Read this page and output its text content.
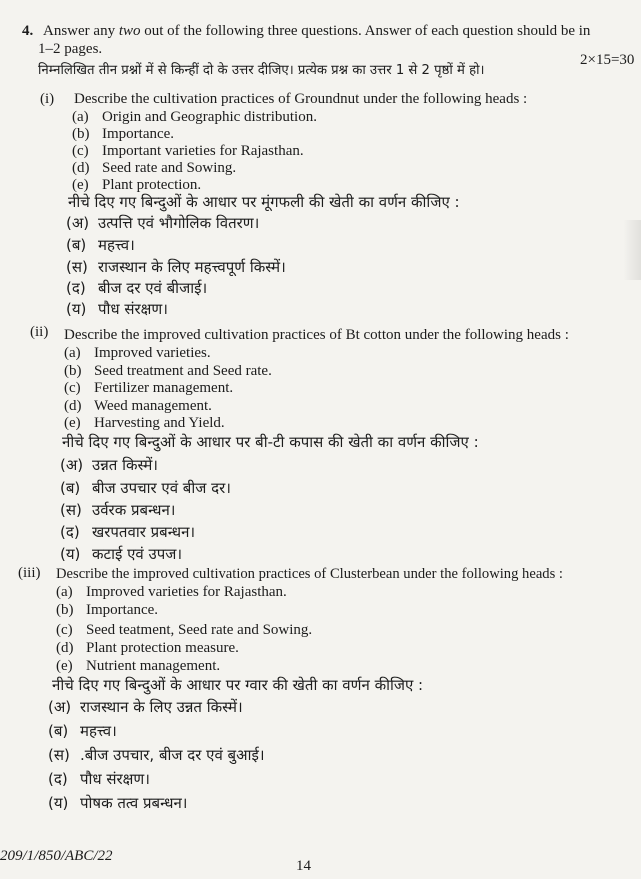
4. Answer any two out of the following three questions. Answer of each question should be in
1–2 pages.
2×15=30
निम्नलिखित तीन प्रश्नों में से किन्हीं दो के उत्तर दीजिए। प्रत्येक प्रश्न का उत्तर 1 से 2 पृष्ठों में हो।
(i) Describe the cultivation practices of Groundnut under the following heads :
(a) Origin and Geographic distribution.
(b) Importance.
(c) Important varieties for Rajasthan.
(d) Seed rate and Sowing.
(e) Plant protection.
नीचे दिए गए बिन्दुओं के आधार पर मूंगफली की खेती का वर्णन कीजिए :
(अ) उत्पत्ति एवं भौगोलिक वितरण।
(ब) महत्त्व।
(स) राजस्थान के लिए महत्त्वपूर्ण किस्में।
(द) बीज दर एवं बीजाई।
(य) पौध संरक्षण।
(ii) Describe the improved cultivation practices of Bt cotton under the following heads :
(a) Improved varieties.
(b) Seed treatment and Seed rate.
(c) Fertilizer management.
(d) Weed management.
(e) Harvesting and Yield.
नीचे दिए गए बिन्दुओं के आधार पर बी-टी कपास की खेती का वर्णन कीजिए :
(अ) उन्नत किस्में।
(ब) बीज उपचार एवं बीज दर।
(स) उर्वरक प्रबन्धन।
(द) खरपतवार प्रबन्धन।
(य) कटाई एवं उपज।
(iii) Describe the improved cultivation practices of Clusterbean under the following heads :
(a) Improved varieties for Rajasthan.
(b) Importance.
(c) Seed teatment, Seed rate and Sowing.
(d) Plant protection measure.
(e) Nutrient management.
नीचे दिए गए बिन्दुओं के आधार पर ग्वार की खेती का वर्णन कीजिए :
(अ) राजस्थान के लिए उन्नत किस्में।
(ब) महत्त्व।
(स) .बीज उपचार, बीज दर एवं बुआई।
(द) पौध संरक्षण।
(य) पोषक तत्व प्रबन्धन।
209/1/850/ABC/22
14
